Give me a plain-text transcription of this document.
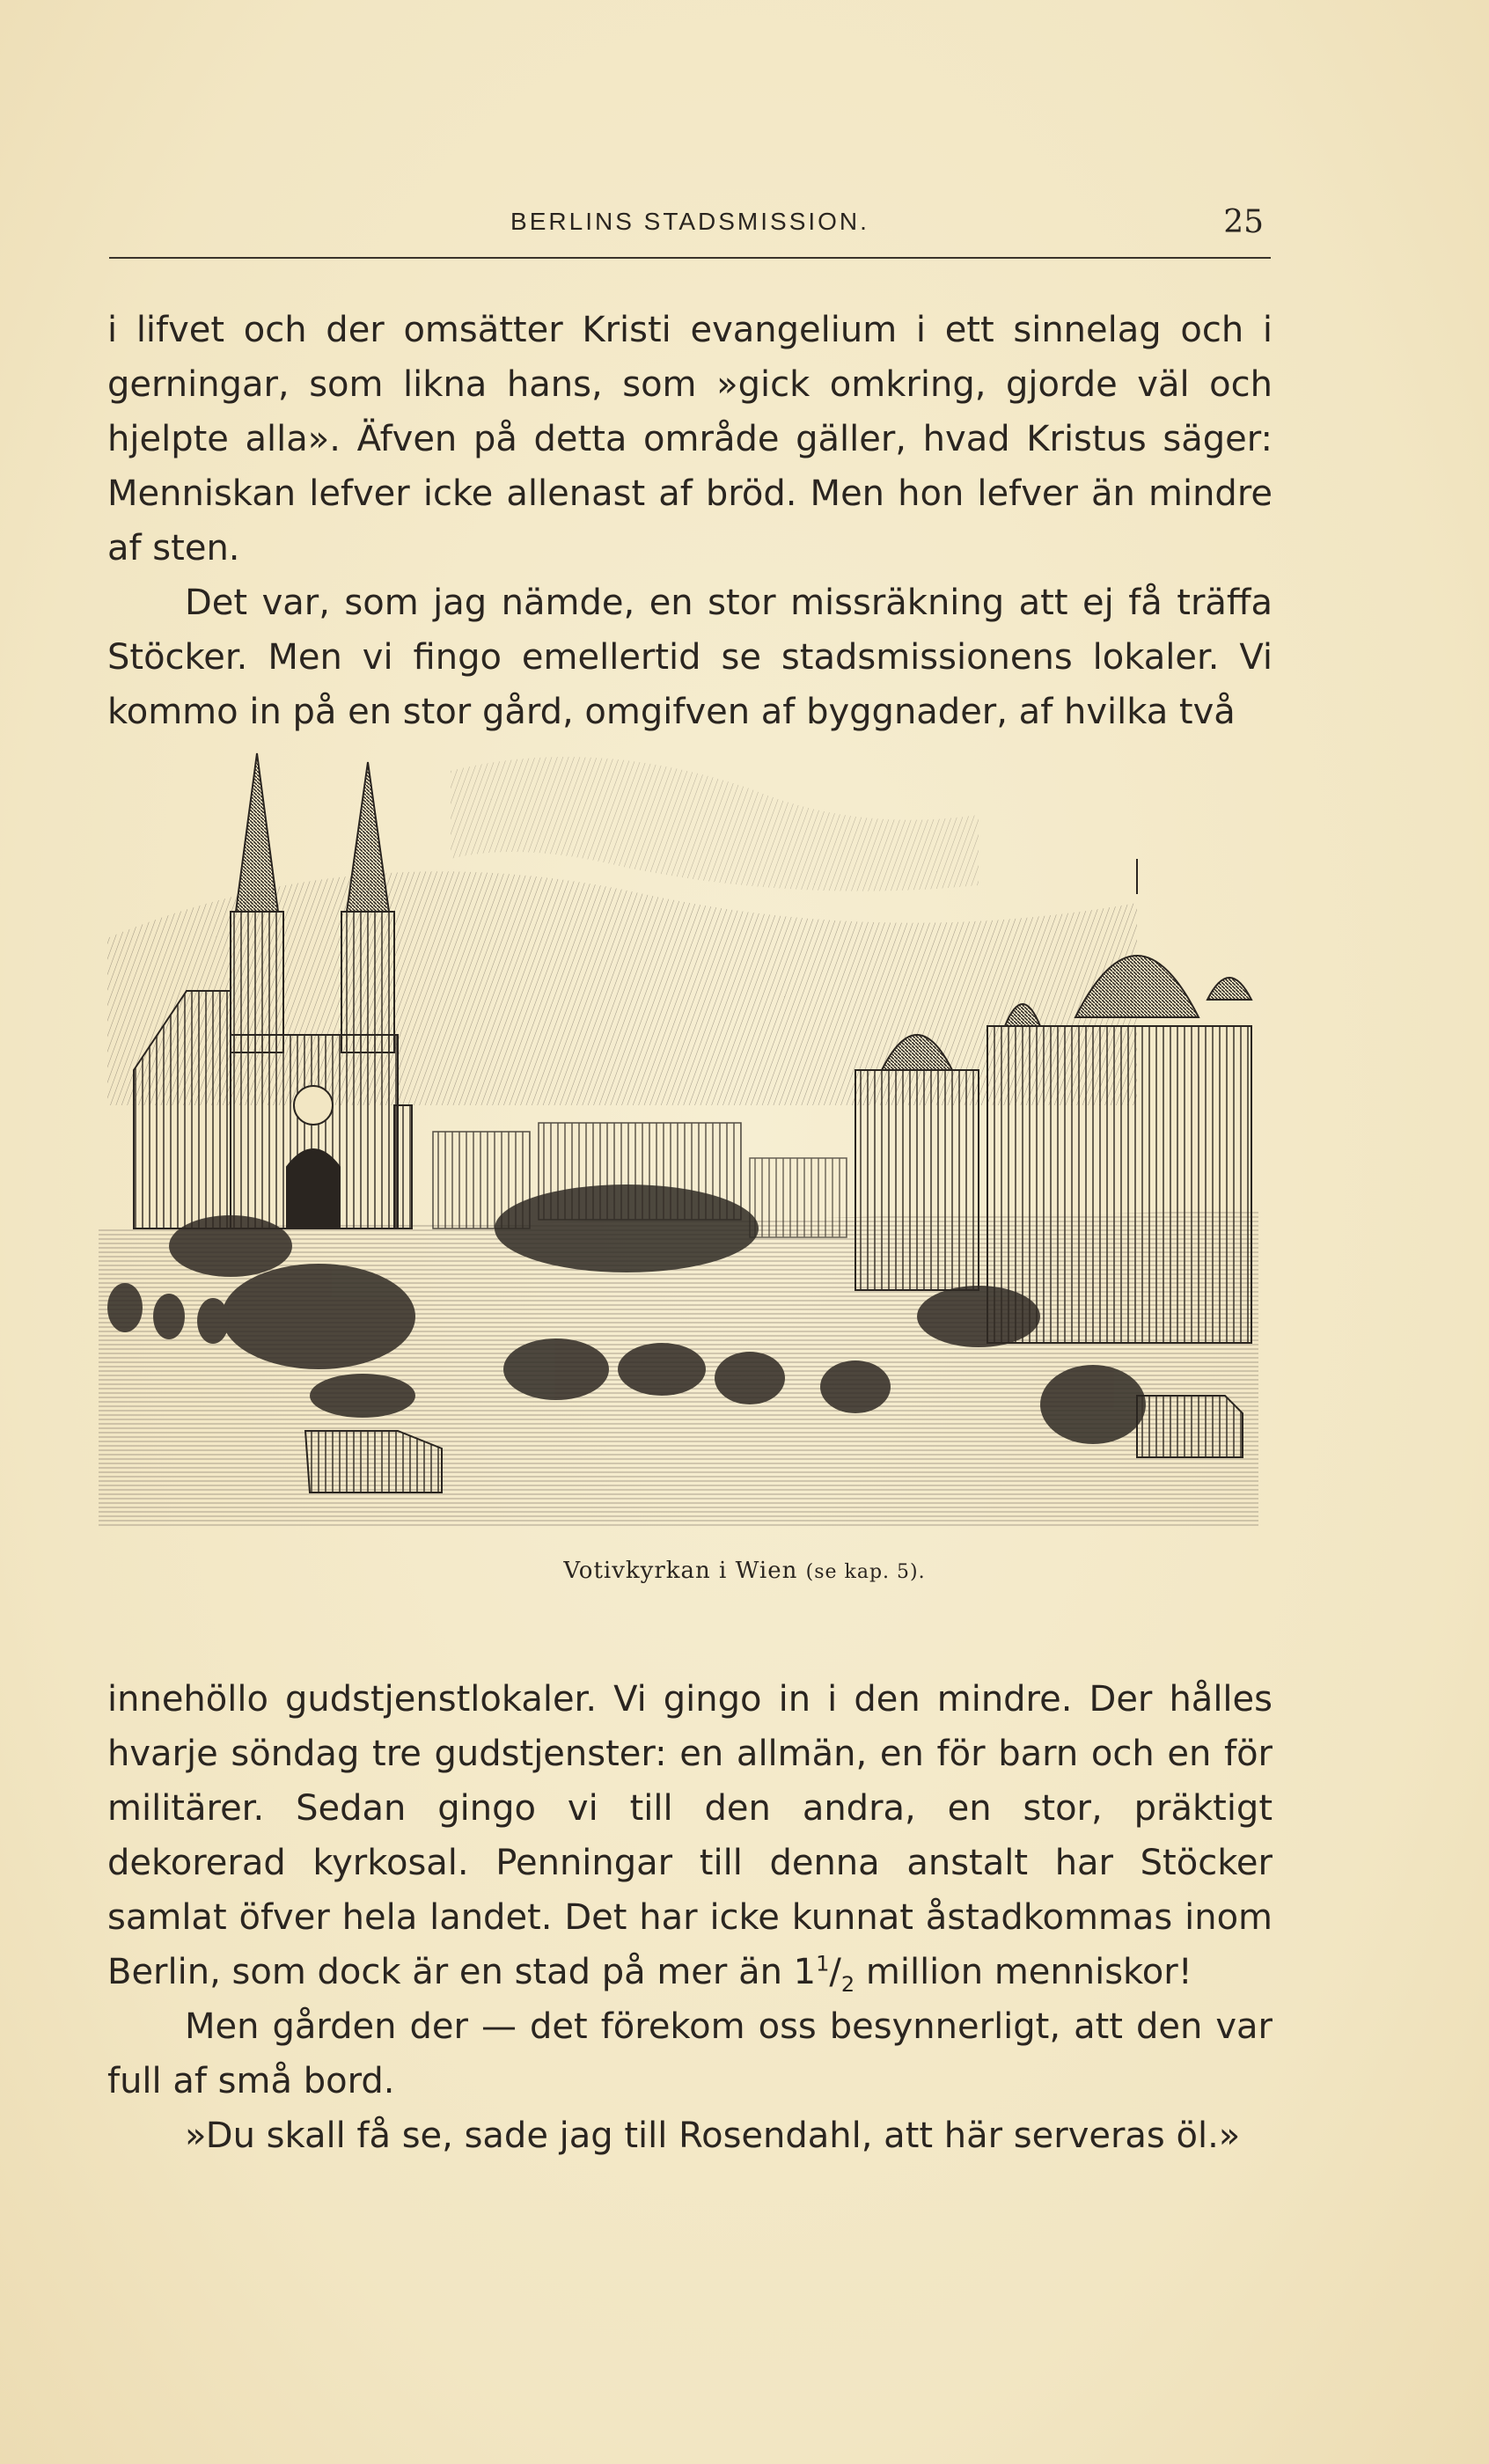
BERLINS STADSMISSION.	25

i lifvet och der omsätter Kristi evangelium i ett sinnelag och i gerningar, som likna hans, som »gick omkring, gjorde väl och hjelpte alla». Äfven på detta område gäller, hvad Kristus säger: Menniskan lefver icke allenast af bröd. Men hon lefver än mindre af sten.

Det var, som jag nämde, en stor missräkning att ej få träffa Stöcker. Men vi fingo emellertid se stadsmissionens lokaler. Vi kommo in på en stor gård, omgifven af byggnader, af hvilka två

Votivkyrkan i Wien (se kap. 5).

innehöllo gudstjenstlokaler. Vi gingo in i den mindre. Der hålles hvarje söndag tre gudstjenster: en allmän, en för barn och en för militärer. Sedan gingo vi till den andra, en stor, präktigt dekorerad kyrkosal. Penningar till denna anstalt har Stöcker samlat öfver hela landet. Det har icke kunnat åstadkommas inom Berlin, som dock är en stad på mer än $1^1/_2$ million menniskor!

Men gården der — det förekom oss besynnerligt, att den var full af små bord.

»Du skall få se, sade jag till Rosendahl, att här serveras öl.»
